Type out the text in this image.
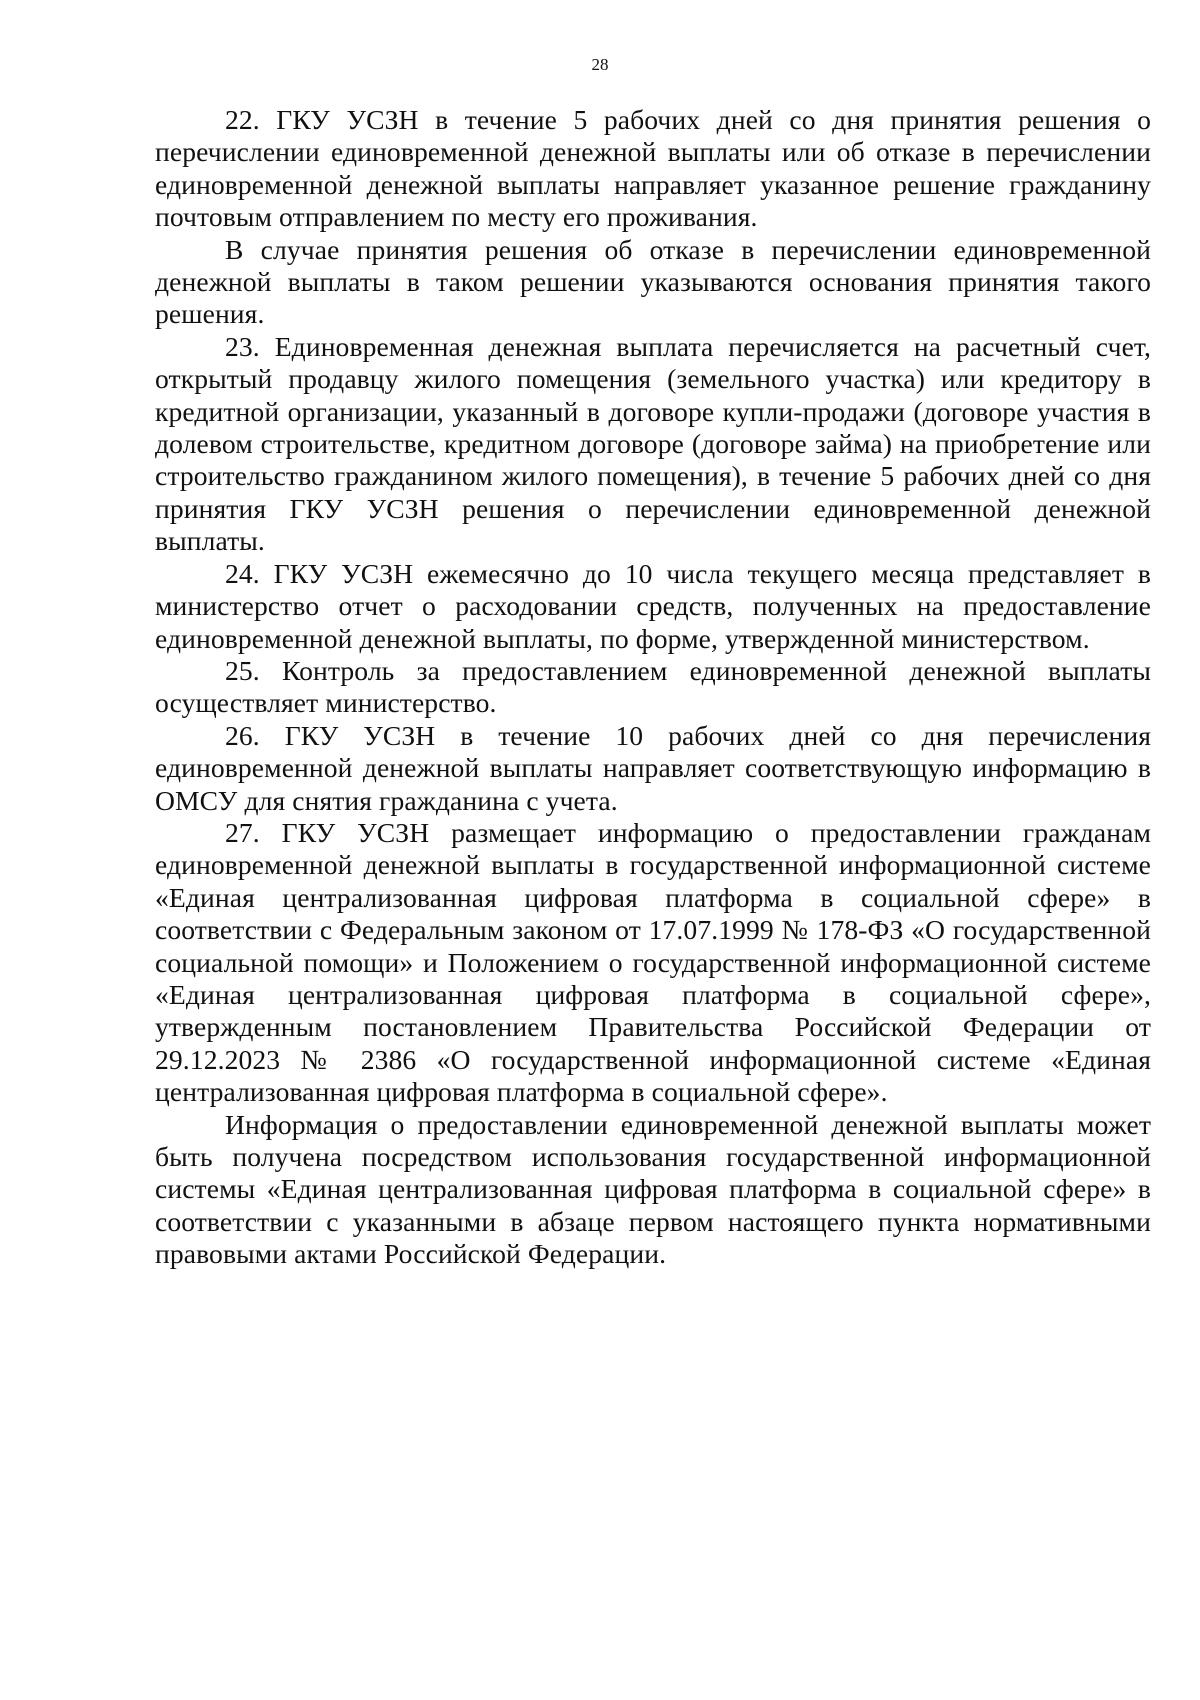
28

22. ГКУ УСЗН в течение 5 рабочих дней со дня принятия решения о перечислении единовременной денежной выплаты или об отказе в перечислении единовременной денежной выплаты направляет указанное решение гражданину почтовым отправлением по месту его проживания.

В случае принятия решения об отказе в перечислении единовременной денежной выплаты в таком решении указываются основания принятия такого решения.

23. Единовременная денежная выплата перечисляется на расчетный счет, открытый продавцу жилого помещения (земельного участка) или кредитору в кредитной организации, указанный в договоре купли-продажи (договоре участия в долевом строительстве, кредитном договоре (договоре займа) на приобретение или строительство гражданином жилого помещения), в течение 5 рабочих дней со дня принятия ГКУ УСЗН решения о перечислении единовременной денежной выплаты.

24. ГКУ УСЗН ежемесячно до 10 числа текущего месяца представляет в министерство отчет о расходовании средств, полученных на предоставление единовременной денежной выплаты, по форме, утвержденной министерством.

25. Контроль за предоставлением единовременной денежной выплаты осуществляет министерство.

26. ГКУ УСЗН в течение 10 рабочих дней со дня перечисления единовременной денежной выплаты направляет соответствующую информацию в ОМСУ для снятия гражданина с учета.

27. ГКУ УСЗН размещает информацию о предоставлении гражданам единовременной денежной выплаты в государственной информационной системе «Единая централизованная цифровая платформа в социальной сфере» в соответствии с Федеральным законом от 17.07.1999 № 178-ФЗ «О государственной социальной помощи» и Положением о государственной информационной системе «Единая централизованная цифровая платформа в социальной сфере», утвержденным постановлением Правительства Российской Федерации от 29.12.2023 № 2386 «О государственной информационной системе «Единая централизованная цифровая платформа в социальной сфере».

Информация о предоставлении единовременной денежной выплаты может быть получена посредством использования государственной информационной системы «Единая централизованная цифровая платформа в социальной сфере» в соответствии с указанными в абзаце первом настоящего пункта нормативными правовыми актами Российской Федерации.
